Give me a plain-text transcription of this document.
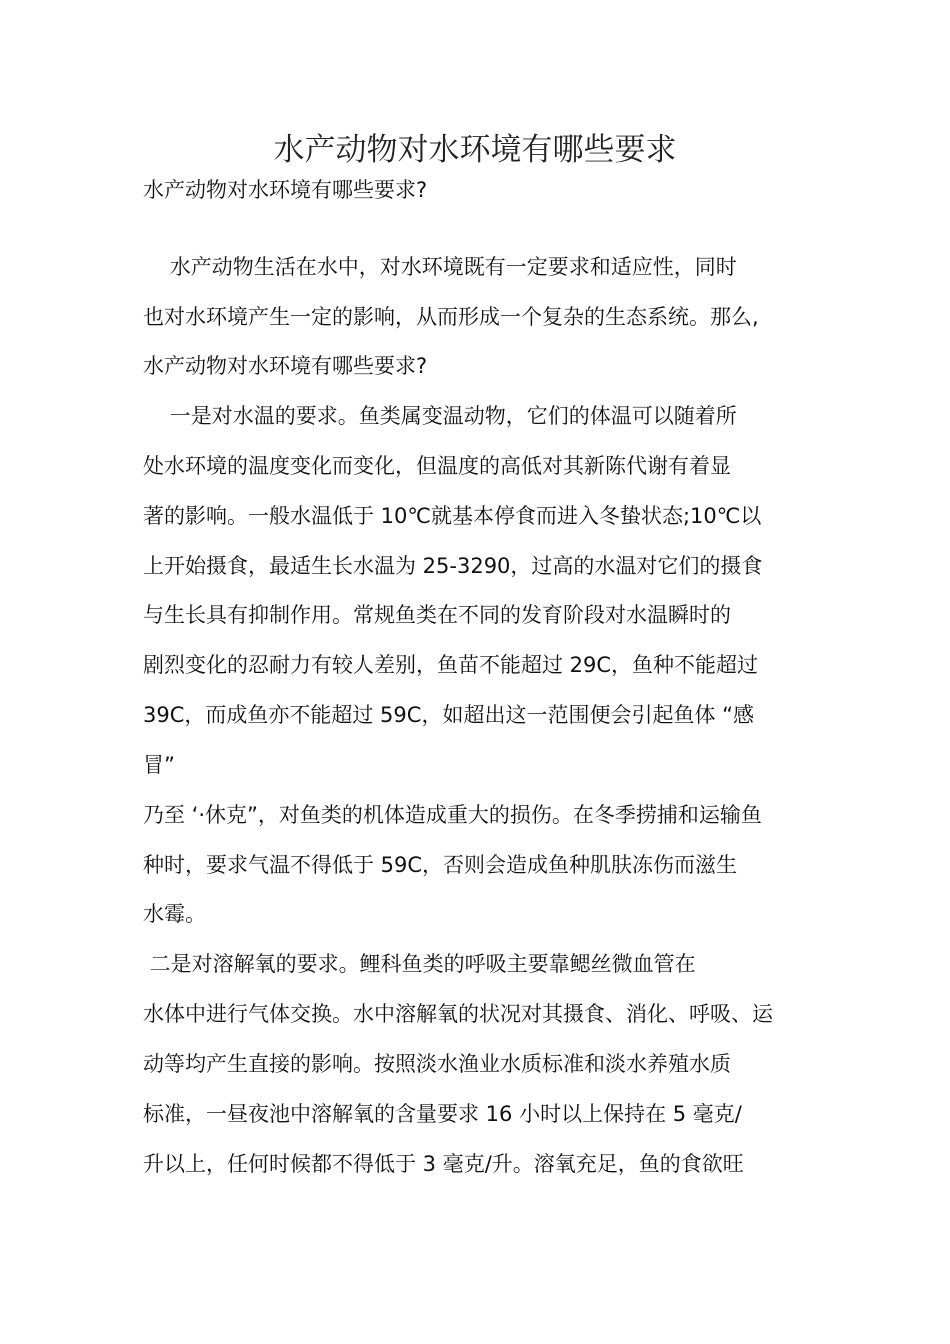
水产动物对水环境有哪些要求
水产动物对水环境有哪些要求?
水产动物生活在水中，对水环境既有一定要求和适应性，同时
也对水环境产生一定的影响，从而形成一个复杂的生态系统。那么,
水产动物对水环境有哪些要求?
一是对水温的要求。鱼类属变温动物，它们的体温可以随着所
处水环境的温度变化而变化，但温度的高低对其新陈代谢有着显
著的影响。一般水温低于 10℃就基本停食而进入冬蛰状态;10℃以
上开始摄食，最适生长水温为 25-3290，过高的水温对它们的摄食
与生长具有抑制作用。常规鱼类在不同的发育阶段对水温瞬时的
剧烈变化的忍耐力有较人差别，鱼苗不能超过 29C，鱼种不能超过
39C，而成鱼亦不能超过 59C，如超出这一范围便会引起鱼体 “感
冒”
乃至 ‘·休克”，对鱼类的机体造成重大的损伤。在冬季捞捕和运输鱼
种时，要求气温不得低于 59C，否则会造成鱼种肌肤冻伤而滋生
水霉。
二是对溶解氧的要求。鲤科鱼类的呼吸主要靠鳃丝微血管在
水体中进行气体交换。水中溶解氧的状况对其摄食、消化、呼吸、运
动等均产生直接的影响。按照淡水渔业水质标准和淡水养殖水质
标准，一昼夜池中溶解氧的含量要求 16 小时以上保持在 5 毫克/
升以上，任何时候都不得低于 3 毫克/升。溶氧充足，鱼的食欲旺
